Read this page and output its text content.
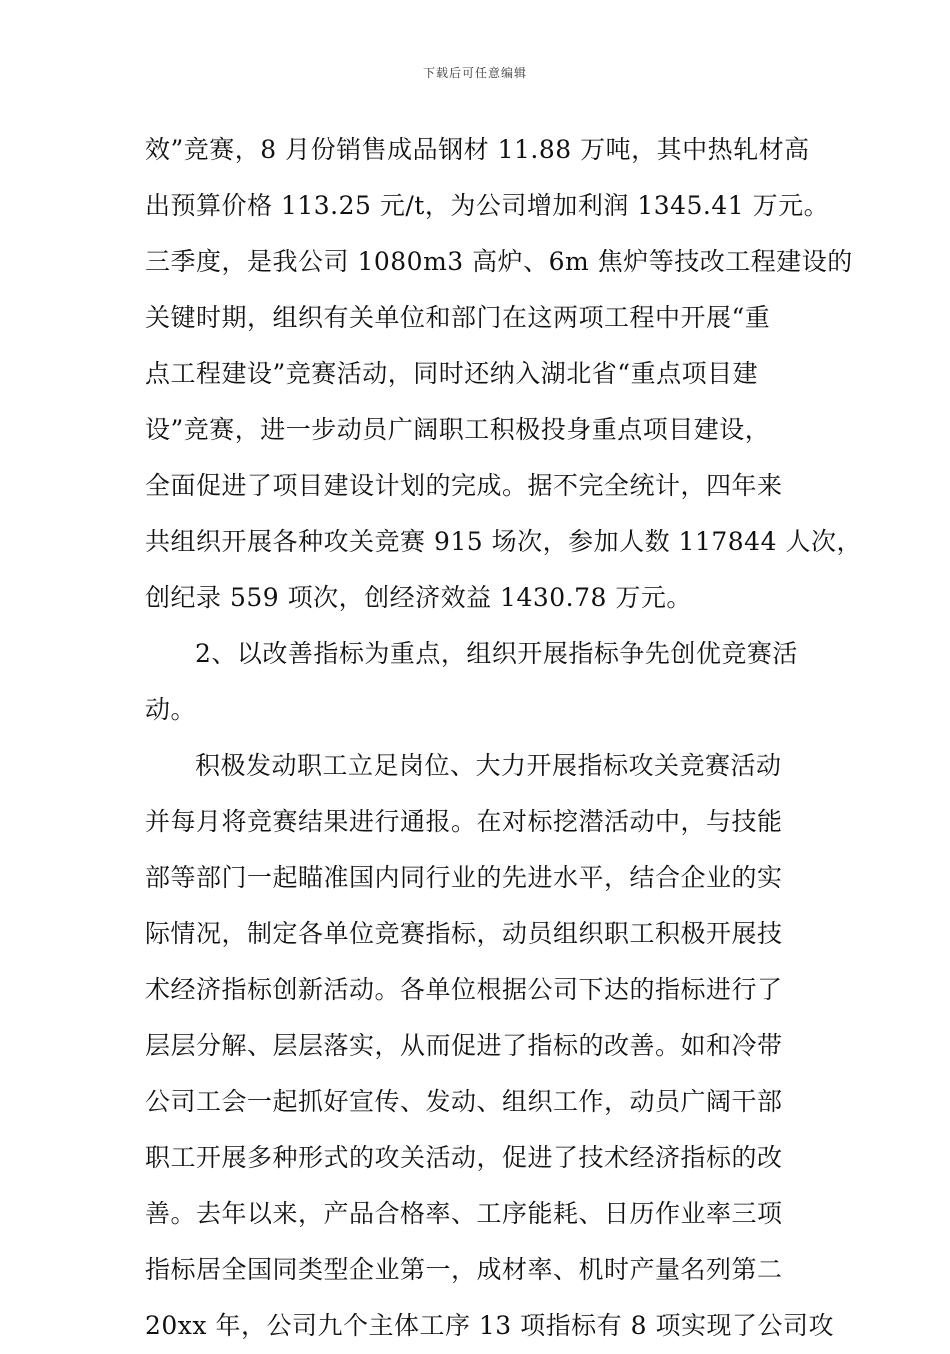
下载后可任意编辑
效”竞赛，8 月份销售成品钢材 11.88 万吨，其中热轧材高
出预算价格 113.25 元/t，为公司增加利润 1345.41 万元。
三季度，是我公司 1080m3 高炉、6m 焦炉等技改工程建设的
关键时期，组织有关单位和部门在这两项工程中开展“重
点工程建设”竞赛活动，同时还纳入湖北省“重点项目建
设”竞赛，进一步动员广阔职工积极投身重点项目建设，
全面促进了项目建设计划的完成。据不完全统计，四年来
共组织开展各种攻关竞赛 915 场次，参加人数 117844 人次，
创纪录 559 项次，创经济效益 1430.78 万元。
2、以改善指标为重点，组织开展指标争先创优竞赛活
动。
积极发动职工立足岗位、大力开展指标攻关竞赛活动
并每月将竞赛结果进行通报。在对标挖潜活动中，与技能
部等部门一起瞄准国内同行业的先进水平，结合企业的实
际情况，制定各单位竞赛指标，动员组织职工积极开展技
术经济指标创新活动。各单位根据公司下达的指标进行了
层层分解、层层落实，从而促进了指标的改善。如和冷带
公司工会一起抓好宣传、发动、组织工作，动员广阔干部
职工开展多种形式的攻关活动，促进了技术经济指标的改
善。去年以来，产品合格率、工序能耗、日历作业率三项
指标居全国同类型企业第一，成材率、机时产量名列第二
20xx 年，公司九个主体工序 13 项指标有 8 项实现了公司攻
